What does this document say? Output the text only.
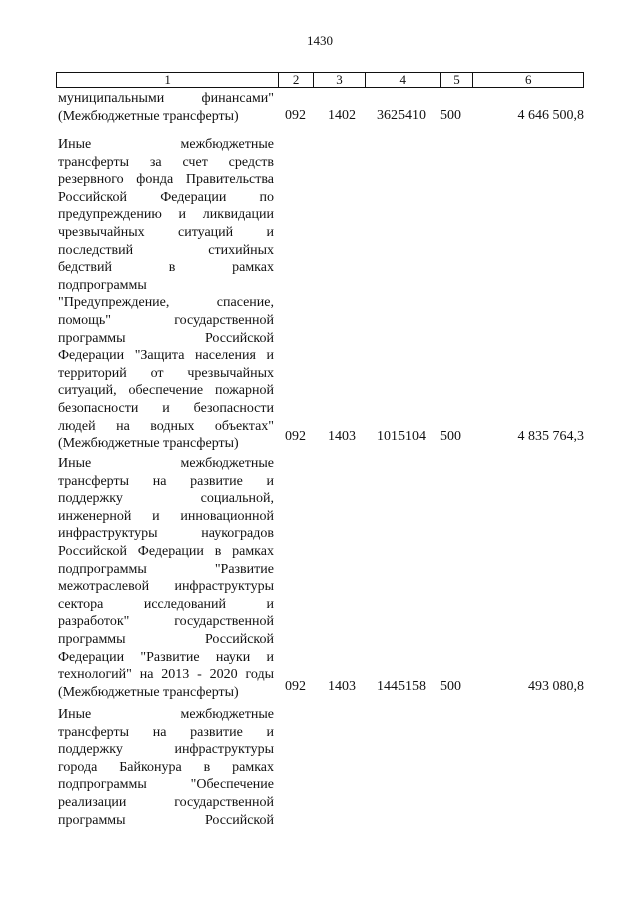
1430
1	2	3	4	5	6
муниципальными финансами"
(Межбюджетные трансферты)	092 1402 3625410 500	4 646 500,8
Иные межбюджетные
трансферты за счет средств
резервного фонда Правительства
Российской Федерации по
предупреждению и ликвидации
чрезвычайных ситуаций и
последствий стихийных
бедствий в рамках
подпрограммы
"Предупреждение, спасение,
помощь" государственной
программы Российской
Федерации "Защита населения и
территорий от чрезвычайных
ситуаций, обеспечение пожарной
безопасности и безопасности
людей на водных объектах"
(Межбюджетные трансферты)	092 1403 1015104 500	4 835 764,3
Иные межбюджетные
трансферты на развитие и
поддержку социальной,
инженерной и инновационной
инфраструктуры наукоградов
Российской Федерации в рамках
подпрограммы "Развитие
межотраслевой инфраструктуры
сектора исследований и
разработок" государственной
программы Российской
Федерации "Развитие науки и
технологий" на 2013 - 2020 годы
(Межбюджетные трансферты)	092 1403 1445158 500	493 080,8
Иные межбюджетные
трансферты на развитие и
поддержку инфраструктуры
города Байконура в рамках
подпрограммы "Обеспечение
реализации государственной
программы Российской
